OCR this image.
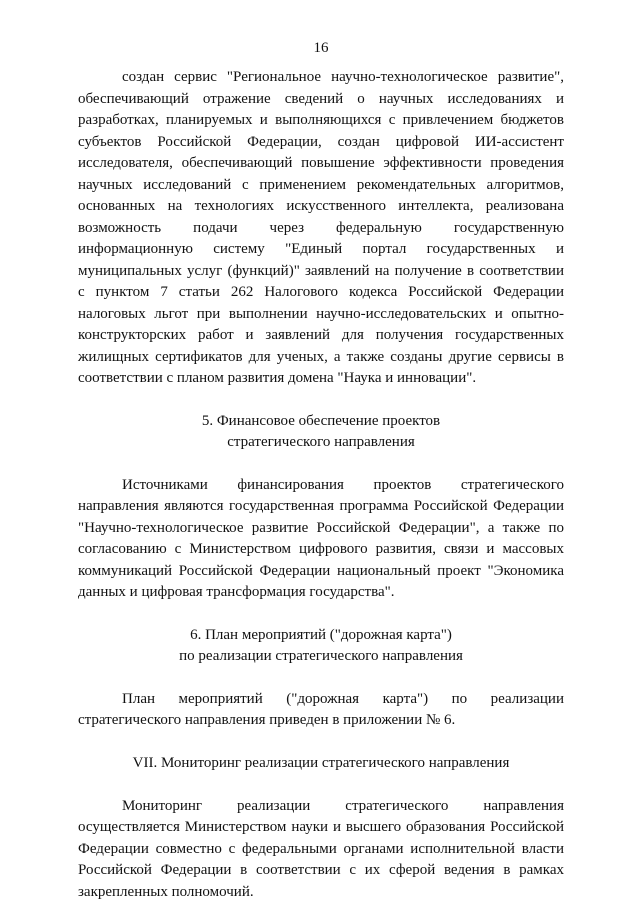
16

создан сервис "Региональное научно-технологическое развитие", обеспечивающий отражение сведений о научных исследованиях и разработках, планируемых и выполняющихся с привлечением бюджетов субъектов Российской Федерации, создан цифровой ИИ-ассистент исследователя, обеспечивающий повышение эффективности проведения научных исследований с применением рекомендательных алгоритмов, основанных на технологиях искусственного интеллекта, реализована возможность подачи через федеральную государственную информационную систему "Единый портал государственных и муниципальных услуг (функций)" заявлений на получение в соответствии с пунктом 7 статьи 262 Налогового кодекса Российской Федерации налоговых льгот при выполнении научно-исследовательских и опытно-конструкторских работ и заявлений для получения государственных жилищных сертификатов для ученых, а также созданы другие сервисы в соответствии с планом развития домена "Наука и инновации".

5. Финансовое обеспечение проектов

стратегического направления

Источниками финансирования проектов стратегического направления являются государственная программа Российской Федерации "Научно-технологическое развитие Российской Федерации", а также по согласованию с Министерством цифрового развития, связи и массовых коммуникаций Российской Федерации национальный проект "Экономика данных и цифровая трансформация государства".

6. План мероприятий ("дорожная карта")

по реализации стратегического направления

План мероприятий ("дорожная карта") по реализации стратегического направления приведен в приложении № 6.

VII. Мониторинг реализации стратегического направления

Мониторинг реализации стратегического направления осуществляется Министерством науки и высшего образования Российской Федерации совместно с федеральными органами исполнительной власти Российской Федерации в соответствии с их сферой ведения в рамках закрепленных полномочий.
